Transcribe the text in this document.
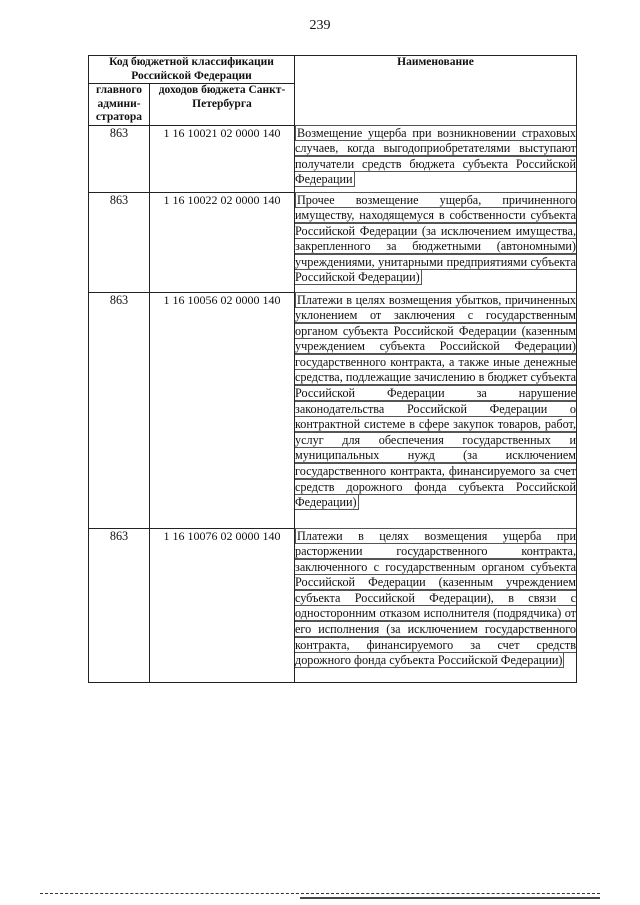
239
Код бюджетной классификации Российской Федерации		Наименование
главного админи-стратора	доходов бюджета Санкт-Петербурга	
863	1 16 10021 02 0000 140	Возмещение ущерба при возникновении страховых случаев, когда выгодоприобретателями выступают получатели средств бюджета субъекта Российской Федерации
863	1 16 10022 02 0000 140	Прочее возмещение ущерба, причиненного имуществу, находящемуся в собственности субъекта Российской Федерации (за исключением имущества, закрепленного за бюджетными (автономными) учреждениями, унитарными предприятиями субъекта Российской Федерации)
863	1 16 10056 02 0000 140	Платежи в целях возмещения убытков, причиненных уклонением от заключения с государственным органом субъекта Российской Федерации (казенным учреждением субъекта Российской Федерации) государственного контракта, а также иные денежные средства, подлежащие зачислению в бюджет субъекта Российской Федерации за нарушение законодательства Российской Федерации о контрактной системе в сфере закупок товаров, работ, услуг для обеспечения государственных и муниципальных нужд (за исключением государственного контракта, финансируемого за счет средств дорожного фонда субъекта Российской Федерации)
863	1 16 10076 02 0000 140	Платежи в целях возмещения ущерба при расторжении государственного контракта, заключенного с государственным органом субъекта Российской Федерации (казенным учреждением субъекта Российской Федерации), в связи с односторонним отказом исполнителя (подрядчика) от его исполнения (за исключением государственного контракта, финансируемого за счет средств дорожного фонда субъекта Российской Федерации)
